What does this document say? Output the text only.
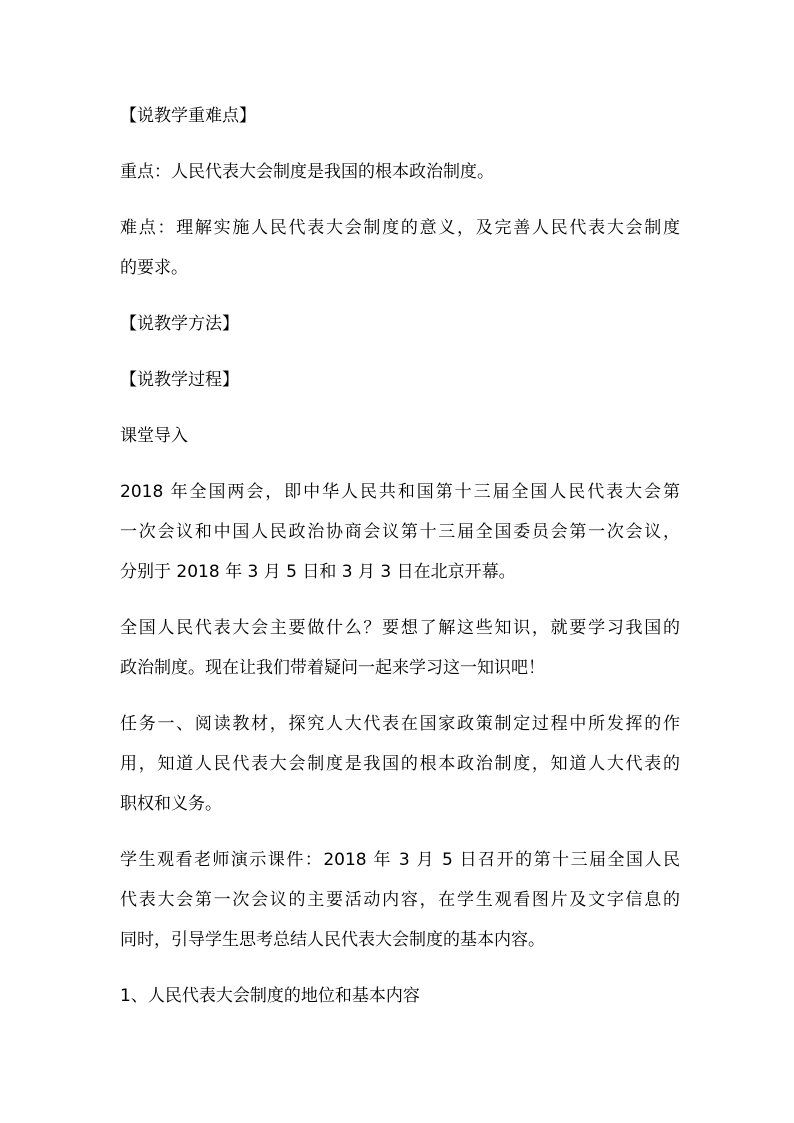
【说教学重难点】
重点：人民代表大会制度是我国的根本政治制度。
难点：理解实施人民代表大会制度的意义，及完善人民代表大会制度
的要求。
【说教学方法】
【说教学过程】
课堂导入
2018 年全国两会，即中华人民共和国第十三届全国人民代表大会第
一次会议和中国人民政治协商会议第十三届全国委员会第一次会议，
分别于 2018 年 3 月 5 日和 3 月 3 日在北京开幕。
全国人民代表大会主要做什么？要想了解这些知识，就要学习我国的
政治制度。现在让我们带着疑问一起来学习这一知识吧！
任务一、阅读教材，探究人大代表在国家政策制定过程中所发挥的作
用，知道人民代表大会制度是我国的根本政治制度，知道人大代表的
职权和义务。
学生观看老师演示课件：2018 年 3 月 5 日召开的第十三届全国人民
代表大会第一次会议的主要活动内容，在学生观看图片及文字信息的
同时，引导学生思考总结人民代表大会制度的基本内容。
1、人民代表大会制度的地位和基本内容
